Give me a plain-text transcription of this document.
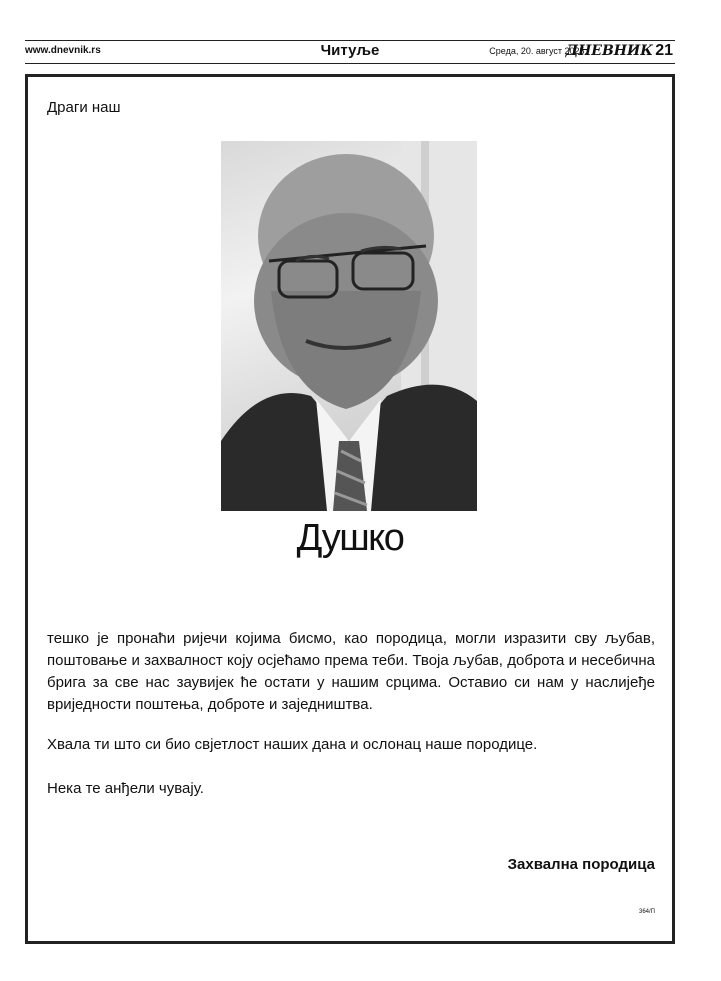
www.dnevnik.rs	Читуље	Среда, 20. август 2025.
ДНЕВНИК 21
Драги наш
Душко
тешко је пронаћи ријечи којима бисмо, као породица, могли изразити сву љубав, поштовање и захвалност коју осјећамо према теби. Твоја љубав, доброта и несебична брига за све нас заувијек ће остати у нашим срцима. Оставио си нам у наслијеђе вриједности поштења, доброте и заједништва.
Хвала ти што си био свјетлост наших дана и ослонац наше породице.
Нека те анђели чувају.
Захвална породица
364/П
